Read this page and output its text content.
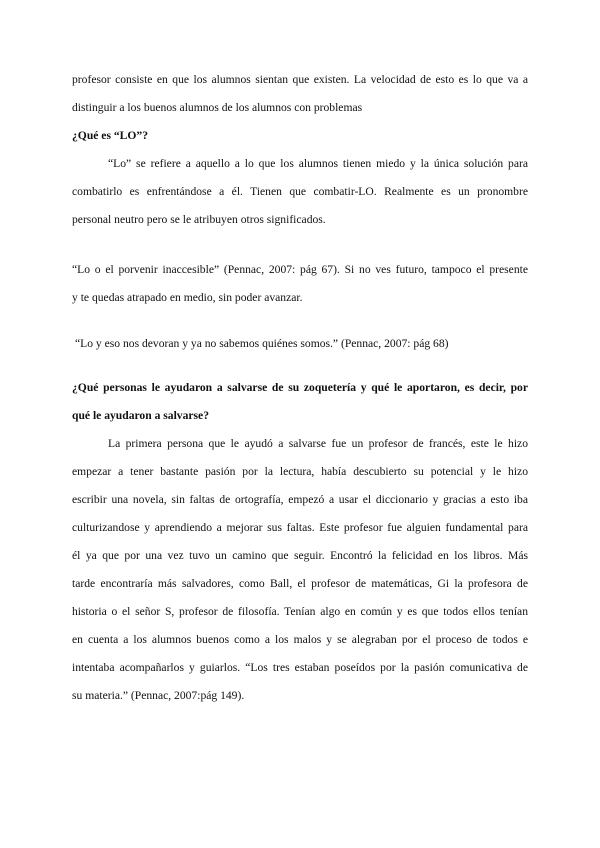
profesor consiste en que los alumnos sientan que existen. La velocidad de esto es lo que va a
distinguir a los buenos alumnos de los alumnos con problemas
¿Qué es “LO”?
“Lo” se refiere a aquello a lo que los alumnos tienen miedo y la única solución para
combatirlo es enfrentándose a él. Tienen que combatir-LO. Realmente es un pronombre
personal neutro pero se le atribuyen otros significados.
“Lo o el porvenir inaccesible” (Pennac, 2007: pág 67). Si no ves futuro, tampoco el presente
y te quedas atrapado en medio, sin poder avanzar.
“Lo y eso nos devoran y ya no sabemos quiénes somos.” (Pennac, 2007: pág 68)
¿Qué personas le ayudaron a salvarse de su zoquetería y qué le aportaron, es decir, por
qué le ayudaron a salvarse?
La primera persona que le ayudó a salvarse fue un profesor de francés, este le hizo
empezar a tener bastante pasión por la lectura, había descubierto su potencial y le hizo
escribir una novela, sin faltas de ortografía, empezó a usar el diccionario y gracias a esto iba
culturizandose y aprendiendo a mejorar sus faltas. Este profesor fue alguien fundamental para
él ya que por una vez tuvo un camino que seguir. Encontró la felicidad en los libros. Más
tarde encontraría más salvadores, como Ball, el profesor de matemáticas, Gi la profesora de
historia o el señor S, profesor de filosofía. Tenían algo en común y es que todos ellos tenían
en cuenta a los alumnos buenos como a los malos y se alegraban por el proceso de todos e
intentaba acompañarlos y guiarlos. “Los tres estaban poseídos por la pasión comunicativa de
su materia.” (Pennac, 2007:pág 149).
